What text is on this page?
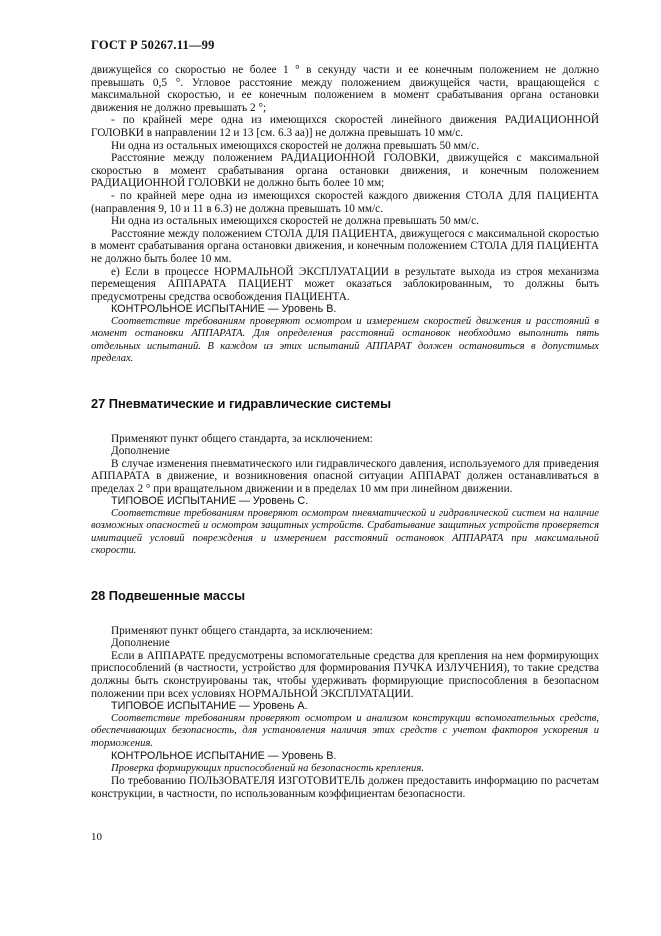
ГОСТ Р 50267.11—99

движущейся со скоростью не более 1 ° в секунду части и ее конечным положением не должно превышать 0,5 °. Угловое расстояние между положением движущейся части, вращающейся с максимальной скоростью, и ее конечным положением в момент срабатывания органа остановки движения не должно превышать 2 °;

- по крайней мере одна из имеющихся скоростей линейного движения РАДИАЦИОННОЙ ГОЛОВКИ в направлении 12 и 13 [см. 6.3 аа)] не должна превышать 10 мм/с.

Ни одна из остальных имеющихся скоростей не должна превышать 50 мм/с.

Расстояние между положением РАДИАЦИОННОЙ ГОЛОВКИ, движущейся с максимальной скоростью в момент срабатывания органа остановки движения, и конечным положением РАДИАЦИОННОЙ ГОЛОВКИ не должно быть более 10 мм;

- по крайней мере одна из имеющихся скоростей каждого движения СТОЛА ДЛЯ ПАЦИЕНТА (направления 9, 10 и 11 в 6.3) не должна превышать 10 мм/с.

Ни одна из остальных имеющихся скоростей не должна превышать 50 мм/с.

Расстояние между положением СТОЛА ДЛЯ ПАЦИЕНТА, движущегося с максимальной скоростью в момент срабатывания органа остановки движения, и конечным положением СТОЛА ДЛЯ ПАЦИЕНТА не должно быть более 10 мм.

е) Если в процессе НОРМАЛЬНОЙ ЭКСПЛУАТАЦИИ в результате выхода из строя механизма перемещения АППАРАТА ПАЦИЕНТ может оказаться заблокированным, то должны быть предусмотрены средства освобождения ПАЦИЕНТА.

КОНТРОЛЬНОЕ ИСПЫТАНИЕ — Уровень В.

Соответствие требованиям проверяют осмотром и измерением скоростей движения и расстояний в момент остановки АППАРАТА. Для определения расстояний остановок необходимо выполнить пять отдельных испытаний. В каждом из этих испытаний АППАРАТ должен остановиться в допустимых пределах.

27 Пневматические и гидравлические системы

Применяют пункт общего стандарта, за исключением:

Дополнение

В случае изменения пневматического или гидравлического давления, используемого для приведения АППАРАТА в движение, и возникновения опасной ситуации АППАРАТ должен останавливаться в пределах 2 ° при вращательном движении и в пределах 10 мм при линейном движении.

ТИПОВОЕ ИСПЫТАНИЕ — Уровень С.

Соответствие требованиям проверяют осмотром пневматической и гидравлической систем на наличие возможных опасностей и осмотром защитных устройств. Срабатывание защитных устройств проверяется имитацией условий повреждения и измерением расстояний остановок АППАРАТА при максимальной скорости.

28 Подвешенные массы

Применяют пункт общего стандарта, за исключением:

Дополнение

Если в АППАРАТЕ предусмотрены вспомогательные средства для крепления на нем формирующих приспособлений (в частности, устройство для формирования ПУЧКА ИЗЛУЧЕНИЯ), то такие средства должны быть сконструированы так, чтобы удерживать формирующие приспособления в безопасном положении при всех условиях НОРМАЛЬНОЙ ЭКСПЛУАТАЦИИ.

ТИПОВОЕ ИСПЫТАНИЕ — Уровень А.

Соответствие требованиям проверяют осмотром и анализом конструкции вспомогательных средств, обеспечивающих безопасность, для установления наличия этих средств с учетом факторов ускорения и торможения.

КОНТРОЛЬНОЕ ИСПЫТАНИЕ — Уровень В.

Проверка формирующих приспособлений на безопасность крепления.

По требованию ПОЛЬЗОВАТЕЛЯ ИЗГОТОВИТЕЛЬ должен предоставить информацию по расчетам конструкции, в частности, по использованным коэффициентам безопасности.

10
